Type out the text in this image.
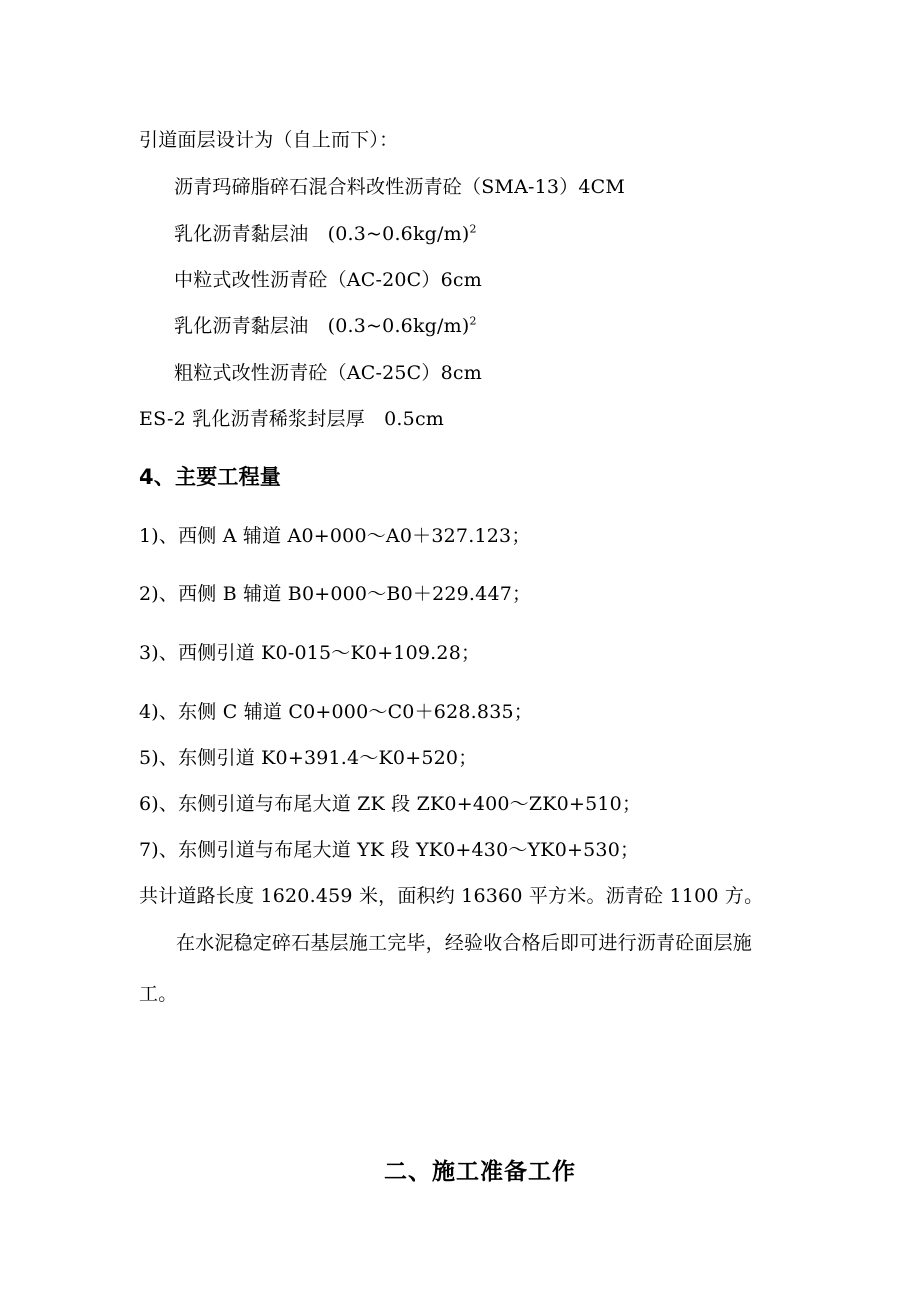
引道面层设计为（自上而下）：
沥青玛碲脂碎石混合料改性沥青砼（SMA-13）4CM
乳化沥青黏层油　(0.3~0.6kg/m)$^2$
中粒式改性沥青砼（AC-20C）6cm
乳化沥青黏层油　(0.3~0.6kg/m)$^2$
粗粒式改性沥青砼（AC-25C）8cm
ES-2 乳化沥青稀浆封层厚　0.5cm
4、主要工程量
1)、西侧 A 辅道 A0+000～A0＋327.123；
2)、西侧 B 辅道 B0+000～B0＋229.447；
3)、西侧引道 K0-015～K0+109.28；
4)、东侧 C 辅道 C0+000～C0＋628.835；
5)、东侧引道 K0+391.4～K0+520；
6)、东侧引道与布尾大道 ZK 段 ZK0+400～ZK0+510；
7)、东侧引道与布尾大道 YK 段 YK0+430～YK0+530；
共计道路长度 1620.459 米，面积约 16360 平方米。沥青砼 1100 方。
在水泥稳定碎石基层施工完毕，经验收合格后即可进行沥青砼面层施
工。
二、施工准备工作
